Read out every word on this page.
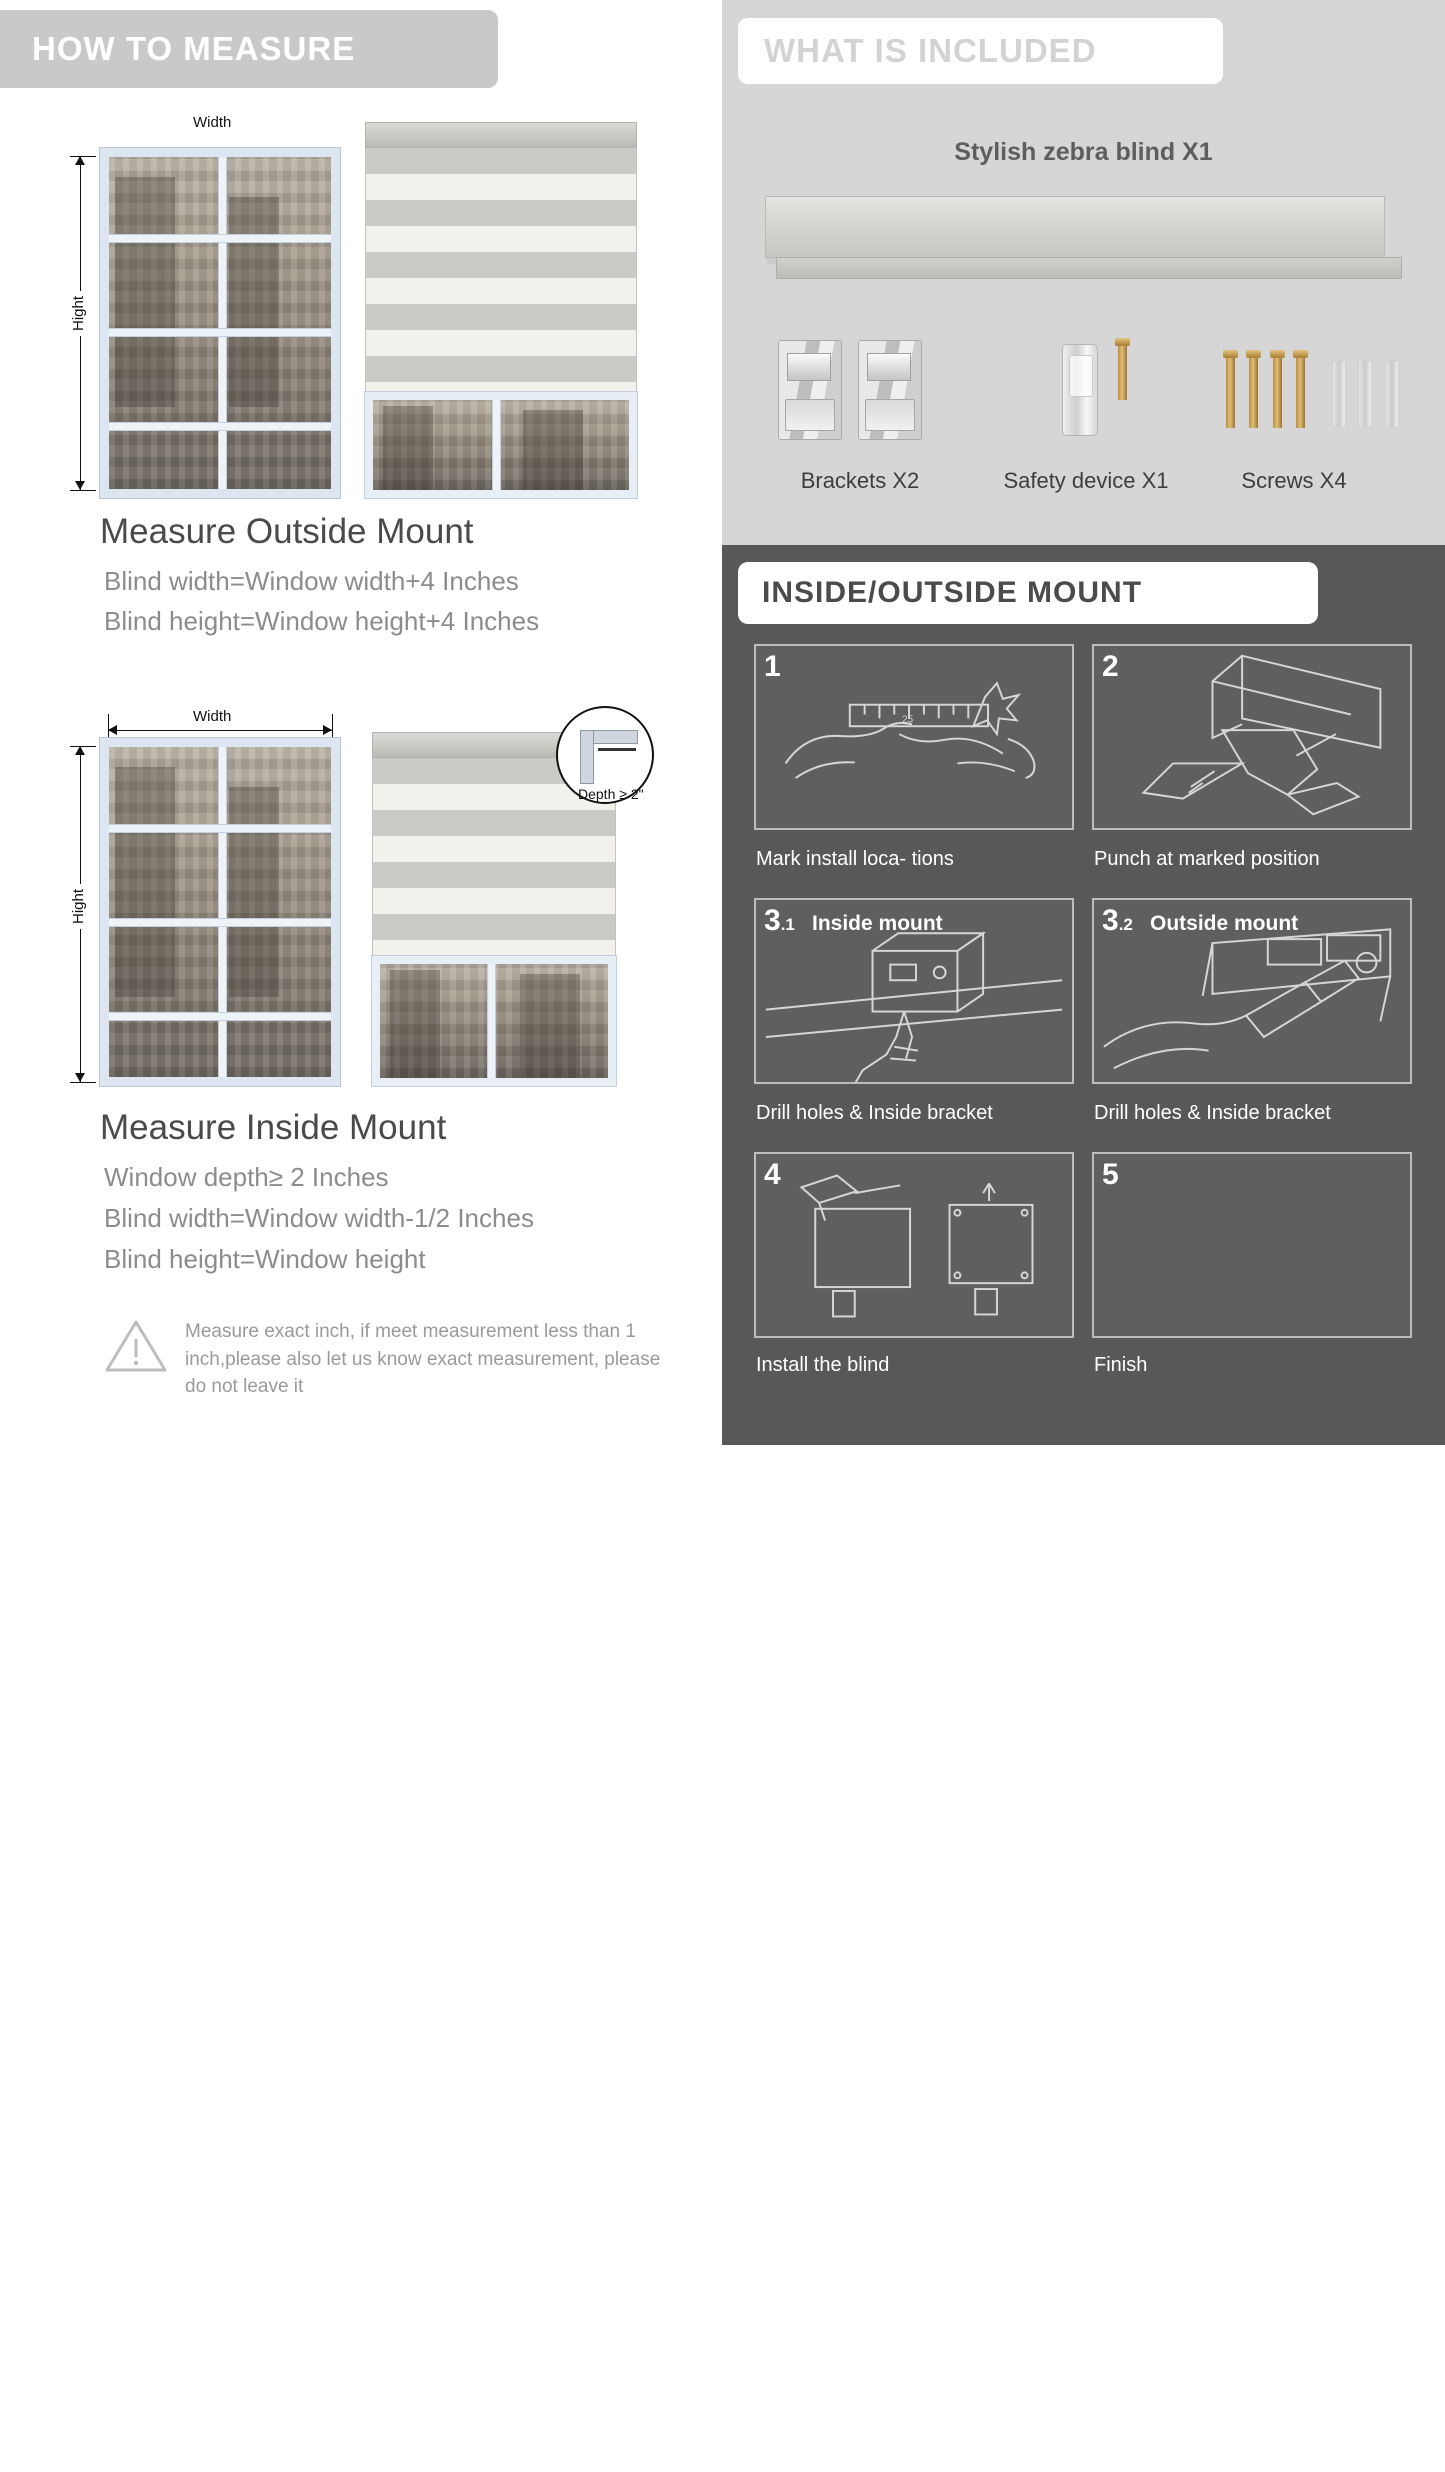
HOW TO MEASURE
Width
Hight
Measure Outside Mount
Blind width=Window width+4 Inches
Blind height=Window height+4 Inches
Width
Hight
Depth ≥ 2"
Measure Inside Mount
Window depth≥ 2 Inches
Blind width=Window width-1/2 Inches
Blind height=Window height
Measure exact inch, if meet measurement less than 1 inch,please also let us know exact measurement, please do not leave it
WHAT IS INCLUDED
Stylish zebra blind X1

Brackets X2
	Safety device X1
	Screws X4
INSIDE/OUTSIDE MOUNT
1
25
Mark install loca- tions
2
Punch at marked position
3.1 Inside mount
Drill holes & Inside bracket
3.2 Outside mount
Drill holes & Inside bracket
4
Install the blind
5
Finish
